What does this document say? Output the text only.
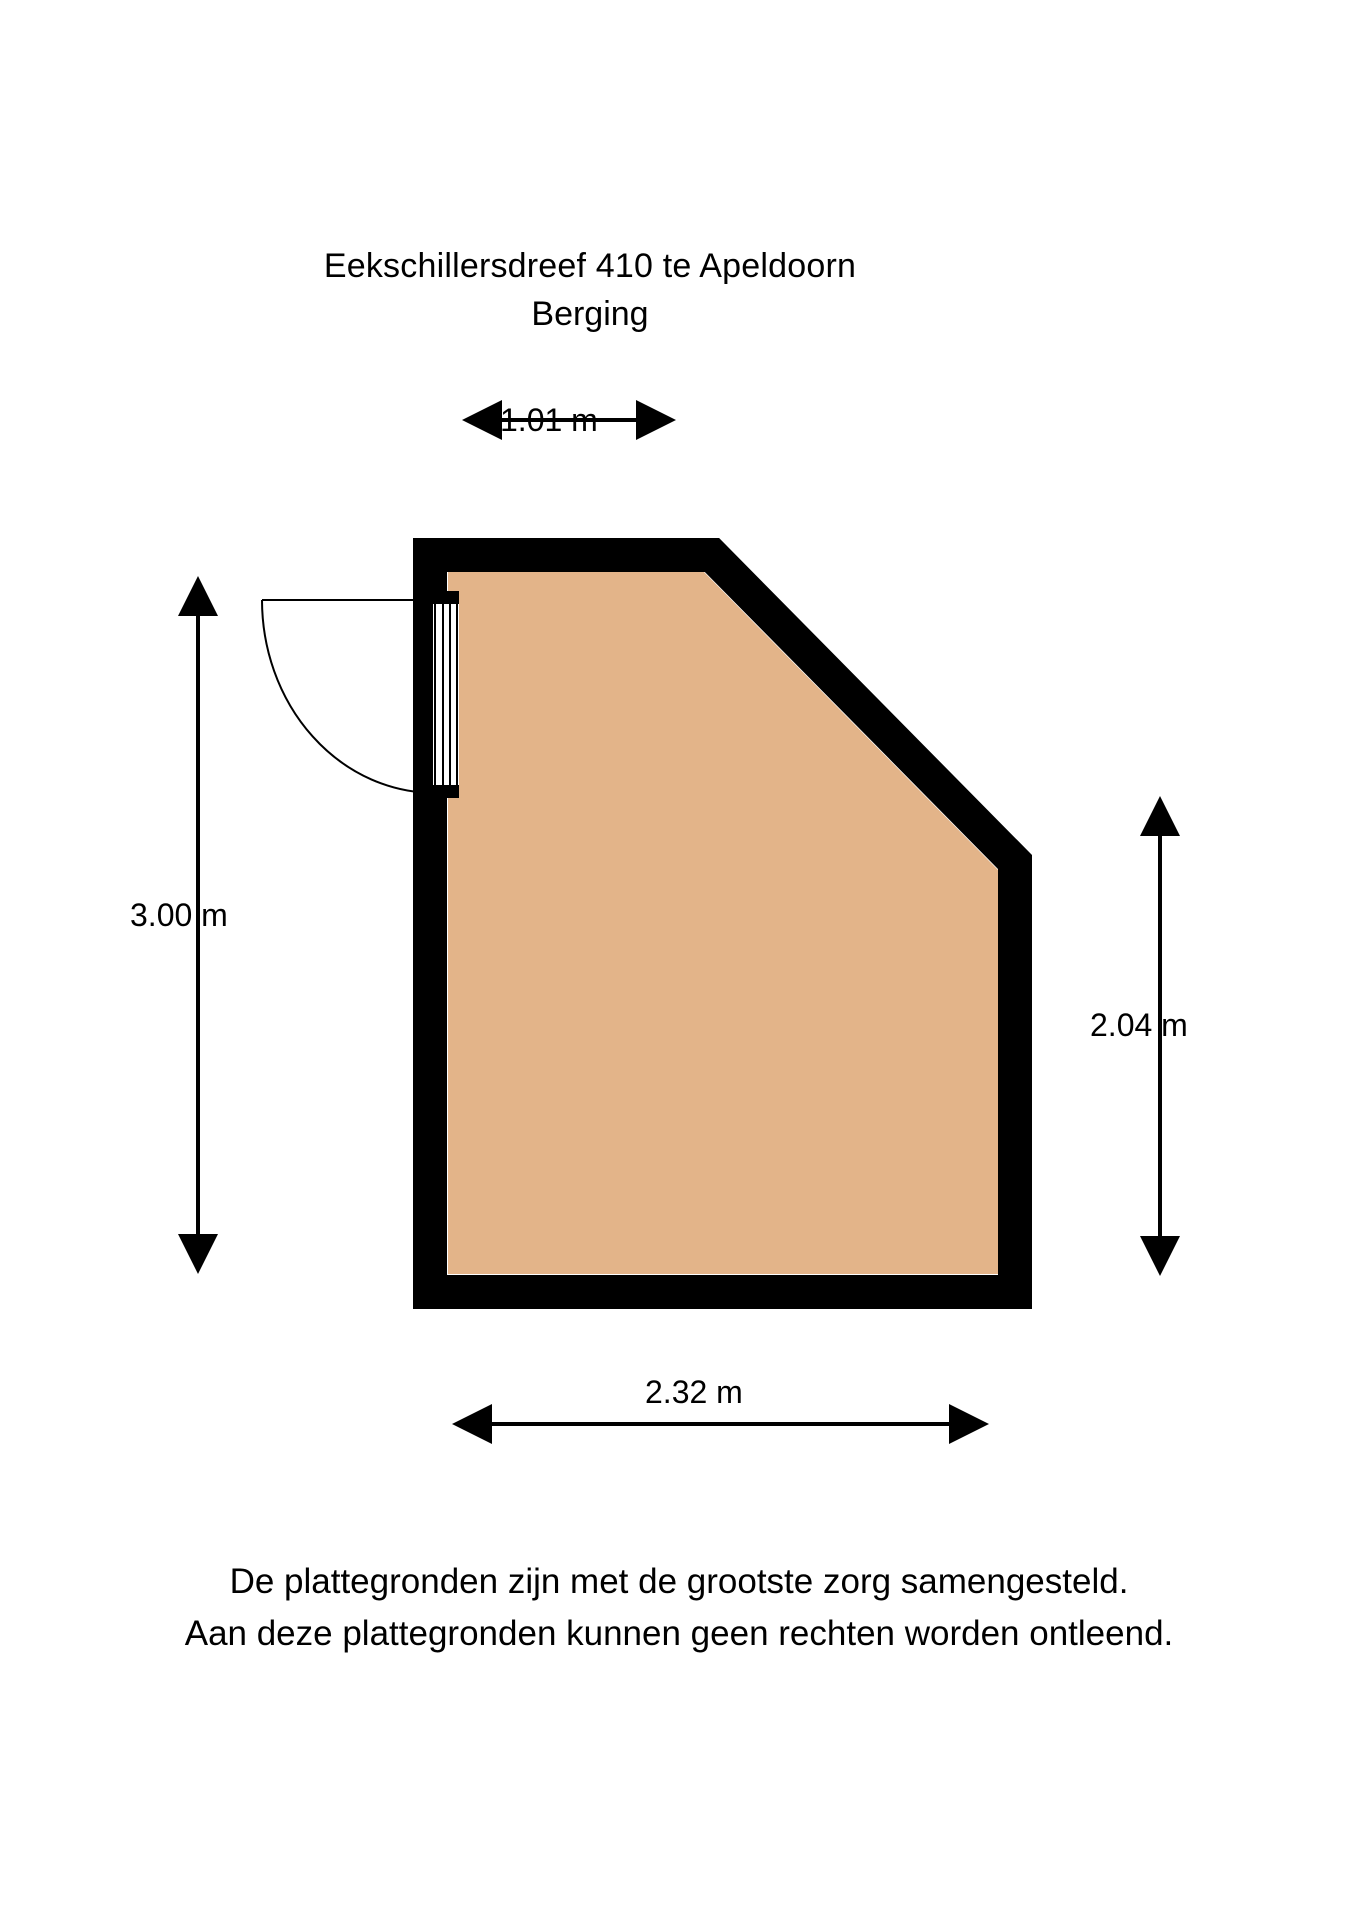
Eekschillersdreef 410 te Apeldoorn
Berging
1.01 m
3.00 m
2.04 m
2.32 m
De plattegronden zijn met de grootste zorg samengesteld.
Aan deze plattegronden kunnen geen rechten worden ontleend.
